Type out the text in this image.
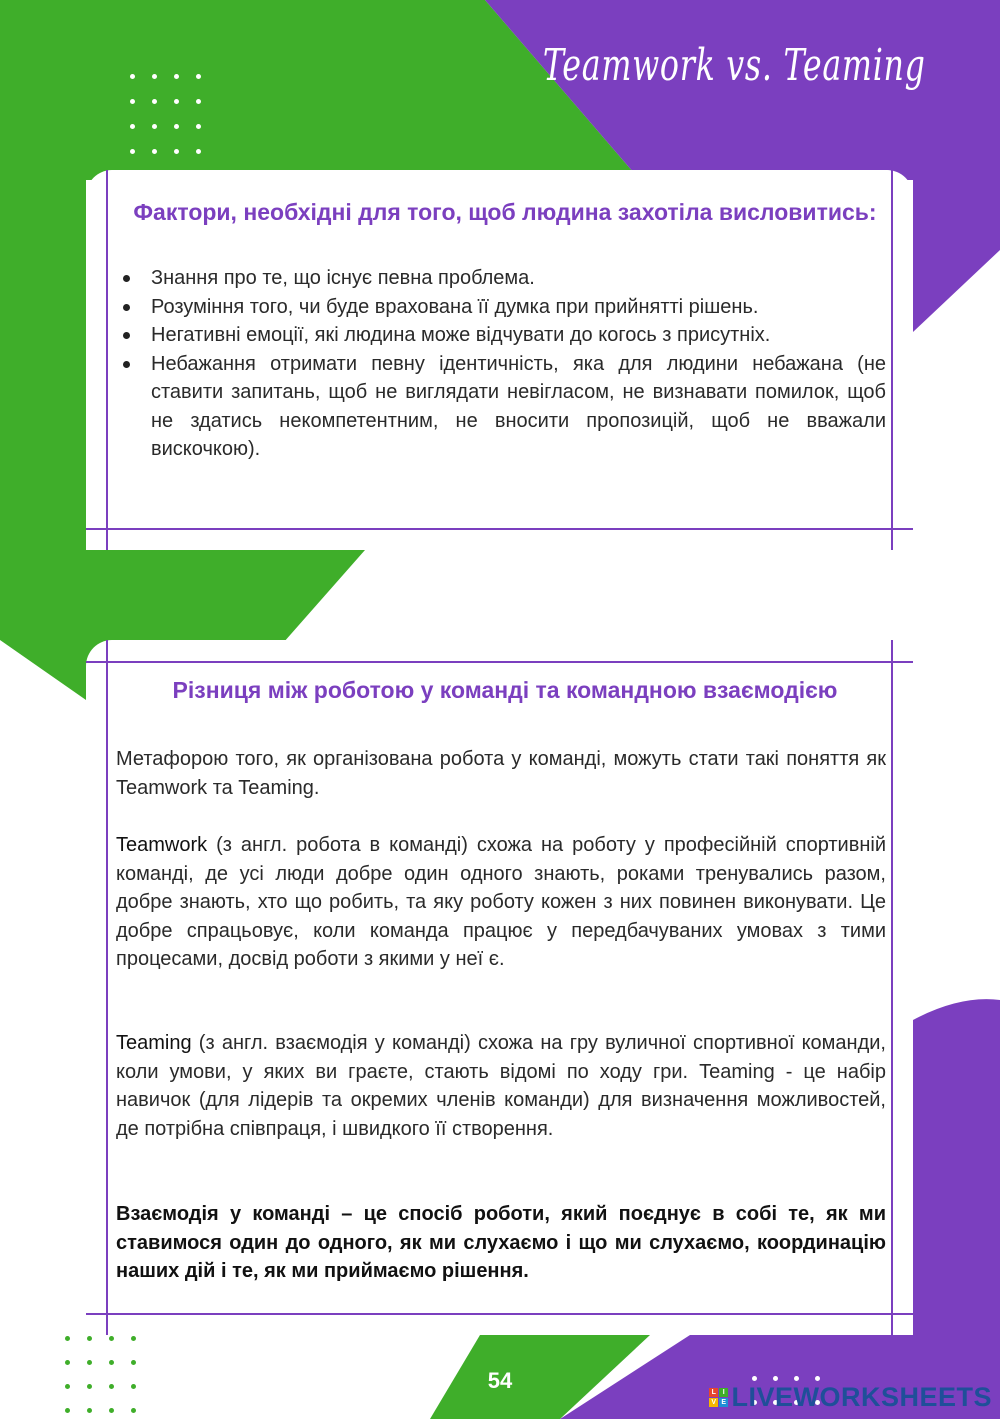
Teamwork vs. Teaming
Фактори, необхідні для того, щоб людина захотіла висловитись:
Знання про те, що існує певна проблема.
Розуміння того, чи буде врахована її думка при прийнятті рішень.
Негативні емоції, які людина може відчувати до когось з присутніх.
Небажання отримати певну ідентичність, яка для людини небажана (не ставити запитань, щоб не виглядати невігласом, не визнавати помилок, щоб не здатись некомпетентним, не вносити пропозицій, щоб не вважали вискочкою).
Різниця між роботою у команді та командною взаємодією

Метафорою того, як організована робота у команді, можуть стати такі поняття як Teamwork та Teaming.

Teamwork (з англ. робота в команді) схожа на роботу у професійній спортивній команді, де усі люди добре один одного знають, роками тренувались разом, добре знають, хто що робить, та яку роботу кожен з них повинен виконувати. Це добре спрацьовує, коли команда працює у передбачуваних умовах з тими процесами, досвід роботи з якими у неї є.

Teaming (з англ. взаємодія у команді) схожа на гру вуличної спортивної команди, коли умови, у яких ви граєте, стають відомі по ходу гри. Teaming - це набір навичок (для лідерів та окремих членів команди) для визначення можливостей, де потрібна співпраця, і швидкого її створення.

Взаємодія у команді – це спосіб роботи, який поєднує в собі те, як ми ставимося один до одного, як ми слухаємо і що ми слухаємо, координацію наших дій і те, як ми приймаємо рішення.

54	L I
V E LIVEWORKSHEETS
